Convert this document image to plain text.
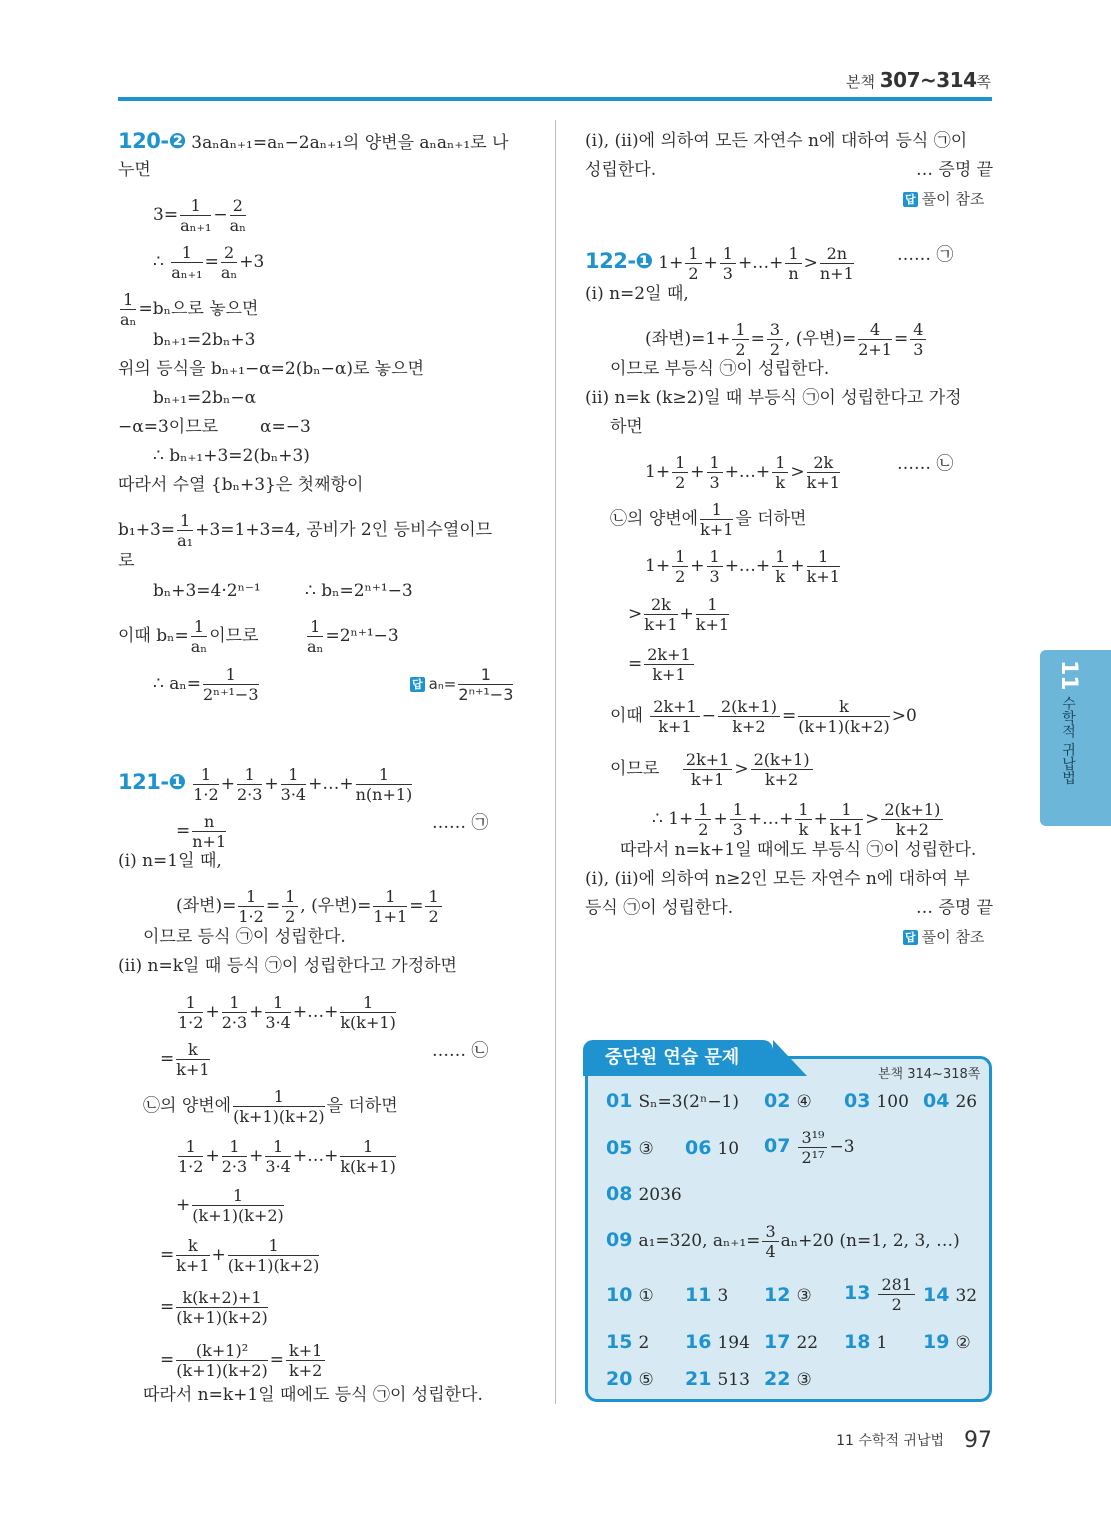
본책 307~314쪽
120-❷ 3aₙaₙ₊₁=aₙ−2aₙ₊₁의 양변을 aₙaₙ₊₁로 나
누면
$3= \frac{1}{\text{aₙ₊₁}} - \frac{2}{\text{aₙ}}$
∴ $\frac{1}{\text{aₙ₊₁}} = \frac{2}{\text{aₙ}} +3$
$\frac{1}{\text{aₙ}} =b_n$으로 놓으면
bₙ₊₁=2bₙ+3
위의 등식을 bₙ₊₁−α=2(bₙ−α)로 놓으면
bₙ₊₁=2bₙ−α
−α=3이므로 α=−3
∴ bₙ₊₁+3=2(bₙ+3)
따라서 수열 {bₙ+3}은 첫째항이
$b_1+3= \frac{1}{\text{a₁}} +3=1+3=4$, 공비가 2인 등비수열이므
로
bₙ+3=4·2ⁿ⁻¹	∴ bₙ=2ⁿ⁺¹−3
이때 $b_n= \frac{1}{\text{aₙ}}$ 이므로	$\frac{1}{\text{aₙ}} =2^{n+1}-3$
∴ $a_n= \frac{1}{\text{2ⁿ⁺¹−3}}$	답 $a_n= \frac{1}{\text{2ⁿ⁺¹−3}}$
121-❶ $\frac{1}{1\cdot 2} + \frac{1}{2\cdot 3} + \frac{1}{3\cdot 4}$ +…+ $\frac{1}{n(n+1)}$
= $\frac{n}{n+1}$	…… ㉠
(ⅰ) n=1일 때,
(좌변)= $\frac{1}{1\cdot 2} = \frac{1}{2}$ , (우변)= $\frac{1}{1+1} = \frac{1}{2}$
이므로 등식 ㉠이 성립한다.
(ⅱ) n=k일 때 등식 ㉠이 성립한다고 가정하면
$\frac{1}{1\cdot 2} + \frac{1}{2\cdot 3} + \frac{1}{3\cdot 4}$ +…+ $\frac{1}{k(k+1)}$
= $\frac{k}{k+1}$	…… ㉡
㉡의 양변에 $\frac{1}{(k+1)(k+2)}$ 을 더하면
$\frac{1}{1\cdot 2} + \frac{1}{2\cdot 3} + \frac{1}{3\cdot 4}$ +…+ $\frac{1}{k(k+1)}$
+ $\frac{1}{(k+1)(k+2)}$
= $\frac{k}{k+1} + \frac{1}{(k+1)(k+2)}$
= $\frac{k(k+2)+1}{(k+1)(k+2)}$
= $\frac{\text{(k+1)²}}{(k+1)(k+2)} = \frac{k+1}{k+2}$
따라서 n=k+1일 때에도 등식 ㉠이 성립한다.
(ⅰ), (ⅱ)에 의하여 모든 자연수 n에 대하여 등식 ㉠이
성립한다.	… 증명 끝
답 풀이 참조
122-❶ $1+ \frac{1}{2} + \frac{1}{3}$ +…+ $\frac{1}{n} > \frac{2n}{n+1}$	…… ㉠
(ⅰ) n=2일 때,
(좌변)$=1+ \frac{1}{2} = \frac{3}{2}$ , (우변)= $\frac{4}{2+1} = \frac{4}{3}$
이므로 부등식 ㉠이 성립한다.
(ⅱ) n=k (k≥2)일 때 부등식 ㉠이 성립한다고 가정
하면
$1+ \frac{1}{2} + \frac{1}{3}$ +…+ $\frac{1}{k} > \frac{2k}{k+1}$	…… ㉡
㉡의 양변에 $\frac{1}{k+1}$ 을 더하면
$1+ \frac{1}{2} + \frac{1}{3}$ +…+ $\frac{1}{k} + \frac{1}{k+1}$
> $\frac{2k}{k+1} + \frac{1}{k+1}$
= $\frac{2k+1}{k+1}$
이때 $\frac{2k+1}{k+1} - \frac{2(k+1)}{k+2} = \frac{k}{(k+1)(k+2)} >0$
이므로 $\frac{2k+1}{k+1} > \frac{2(k+1)}{k+2}$
∴ $1+ \frac{1}{2} + \frac{1}{3}$ +…+ $\frac{1}{k} + \frac{1}{k+1} > \frac{2(k+1)}{k+2}$
따라서 n=k+1일 때에도 부등식 ㉠이 성립한다.
(ⅰ), (ⅱ)에 의하여 n≥2인 모든 자연수 n에 대하여 부
등식 ㉠이 성립한다.	… 증명 끝
답 풀이 참조
중단원 연습 문제
본책 314~318쪽
01 Sₙ=3(2ⁿ−1) 02 ④ 03 100 04 26
05 ③ 06 10 $07 \frac{\text{3¹⁹}}{\text{2¹⁷}} -3$
08 2036
09 a₁=320, $a_{n+1}= \frac{3}{4} a_n+20$ (n=1, 2, 3, …)
10 ① 11 3 12 ③ $13 \frac{281}{2} 14$ 32
15 2 16 194 17 22 18 1 19 ②
20 ⑤ 21 513 22 ③
11
수학적 귀납법
11 수학적 귀납법 97
